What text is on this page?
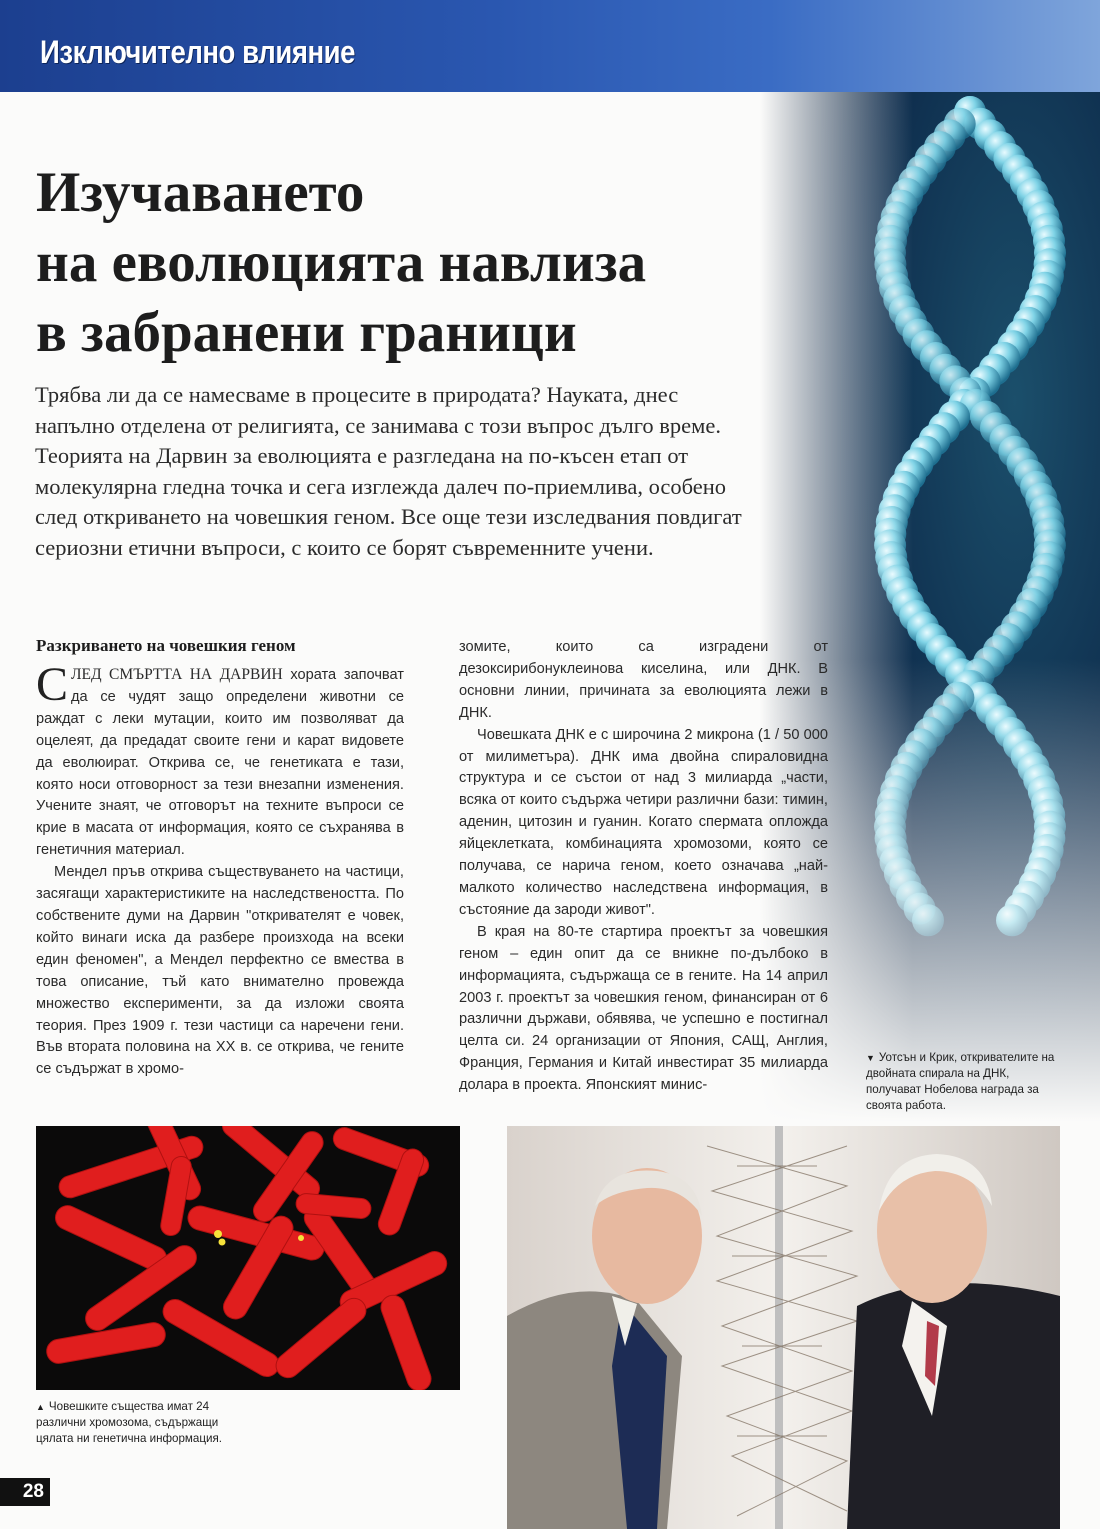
Изключително влияние
Изучаването
на еволюцията навлиза
в забранени граници

Трябва ли да се намесваме в процесите в природата? Науката, днес напълно отделена от религията, се занимава с този въпрос дълго време. Теорията на Дарвин за еволюцията е разгледана на по-късен етап от молекулярна гледна точка и сега изглежда далеч по-приемлива, особено след откриването на човешкия геном. Все още тези изследвания повдигат сериозни етични въпроси, с които се борят съвременните учени.

Разкриването на човешкия геном

СЛЕД СМЪРТТА НА ДАРВИН хората започват да се чудят защо определени животни се раждат с леки мутации, които им позволяват да оцелеят, да предадат своите гени и карат видовете да еволюират. Открива се, че генетиката е тази, която носи отговорност за тези внезапни изменения. Учените знаят, че отговорът на техните въпроси се крие в масата от информация, която се съхранява в генетичния материал.

Мендел пръв открива съществуването на частици, засягащи характеристиките на наследствеността. По собствените думи на Дарвин "откривателят е човек, който винаги иска да разбере произхода на всеки един феномен", а Мендел перфектно се вмества в това описание, тъй като внимателно провежда множество експерименти, за да изложи своята теория. През 1909 г. тези частици са наречени гени. Във втората половина на XX в. се открива, че гените се съдържат в хромо-

зомите, които са изградени от дезоксирибонуклеинова киселина, или ДНК. В основни линии, причината за еволюцията лежи в ДНК.

Човешката ДНК е с широчина 2 микрона (1 / 50 000 от милиметъра). ДНК има двойна спираловидна структура и се състои от над 3 милиарда „части, всяка от които съдържа четири различни бази: тимин, аденин, цитозин и гуанин. Когато спермата опложда яйцеклетката, комбинацията хромозоми, която се получава, се нарича геном, което означава „най-малкото количество наследствена информация, в състояние да зароди живот".

В края на 80-те стартира проектът за човешкия геном – един опит да се вникне по-дълбоко в информацията, съдържаща се в гените. На 14 април 2003 г. проектът за човешкия геном, финансиран от 6 различни държави, обявява, че успешно е постигнал целта си. 24 организации от Япония, САЩ, Англия, Франция, Германия и Китай инвестират 35 милиарда долара в проекта. Японският минис-

▼ Уотсън и Крик, откривателите на двойната спирала на ДНК, получават Нобелова награда за своята работа.
▲ Човешките същества имат 24 различни хромозома, съдържащи цялата ни генетична информация.
28
